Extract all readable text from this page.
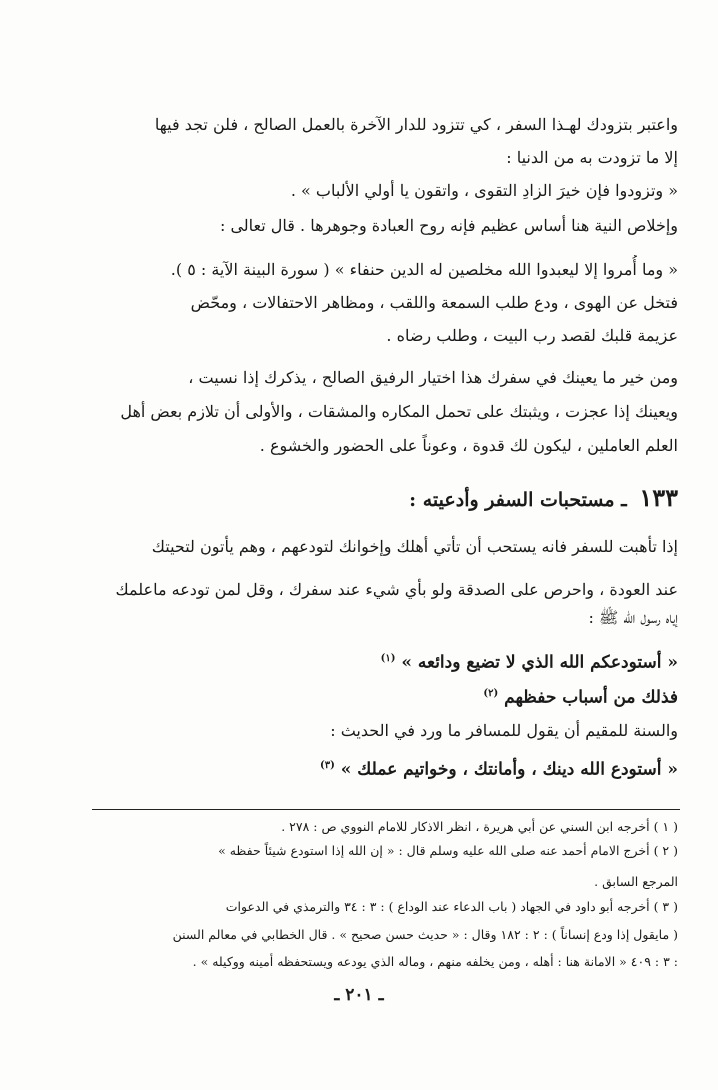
واعتبر بتزودك لهـذا السفر ، كي تتزود للدار الآخرة بالعمل الصالح ، فلن تجد فيها
إلا ما تزودت به من الدنيا :
« وتزودوا فإن خيرَ الزادِ التقوى ، واتقون يا أولي الألباب » .
وإخلاص النية هنا أساس عظيم فإنه روح العبادة وجوهرها . قال تعالى :
« وما أُمروا إلا ليعبدوا الله مخلصين له الدين حنفاء » ( سورة البينة الآية : ٥ ).
فتخل عن الهوى ، ودع طلب السمعة واللقب ، ومظاهر الاحتفالات ، ومحّض
عزيمة قلبك لقصد رب البيت ، وطلب رضاه .
ومن خير ما يعينك في سفرك هذا اختيار الرفيق الصالح ، يذكرك إذا نسيت ،
ويعينك إذا عجزت ، ويثبتك على تحمل المكاره والمشقات ، والأولى أن تلازم بعض أهل
العلم العاملين ، ليكون لك قدوة ، وعوناً على الحضور والخشوع .
١٣٣ ـ مستحبات السفر وأدعيته :
إذا تأهبت للسفر فانه يستحب أن تأتي أهلك وإخوانك لتودعهم ، وهم يأتون لتحيتك
عند العودة ، واحرص على الصدقة ولو بأي شيء عند سفرك ، وقل لمن تودعه ماعلمك
إياه رسول الله ﷺ :
« أستودعكم الله الذي لا تضيع ودائعه » $^{(١)}$
فذلك من أسباب حفظهم $^{(٢)}$
والسنة للمقيم أن يقول للمسافر ما ورد في الحديث :
« أستودع الله دينك ، وأمانتك ، وخواتيم عملك » $^{(٣)}$
( ١ ) أخرجه ابن السني عن أبي هريرة ، انظر الاذكار للامام النووي ص : ٢٧٨ .
( ٢ ) أخرج الامام أحمد عنه صلى الله عليه وسلم قال : « إن الله إذا استودع شيئاً حفظه »
المرجع السابق .
( ٣ ) أخرجه أبو داود في الجهاد ( باب الدعاء عند الوداع ) : ٣ : ٣٤ والترمذي في الدعوات
( مايقول إذا ودع إنساناً ) : ٢ : ١٨٢ وقال : « حديث حسن صحيح » . قال الخطابي في معالم السنن
: ٣ : ٤٠٩ « الامانة هنا : أهله ، ومن يخلفه منهم ، وماله الذي يودعه ويستحفظه أمينه ووكيله » .
ـ ٢٠١ ـ
